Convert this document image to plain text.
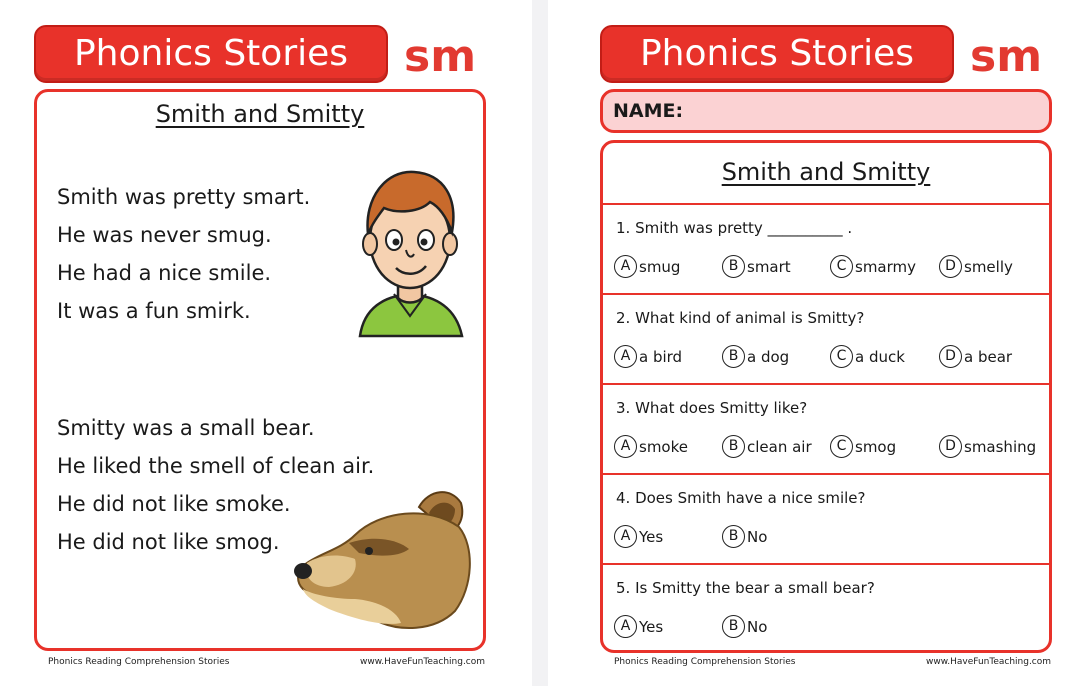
Phonics Stories	sm
Smith and Smitty
Smith was pretty smart.
He was never smug.
He had a nice smile.
It was a fun smirk.
Smitty was a small bear.
He liked the smell of clean air.
He did not like smoke.
He did not like smog.
Phonics Reading Comprehension Stories	www.HaveFunTeaching.com
Phonics Stories	sm
NAME:
Smith and Smitty
1. Smith was pretty __________ .
A smug	B smart	C smarmy	D smelly
2. What kind of animal is Smitty?
A a bird	B a dog	C a duck	D a bear
3. What does Smitty like?
A smoke	B clean air	C smog	D smashing
4. Does Smith have a nice smile?
A Yes	B No
5. Is Smitty the bear a small bear?
A Yes	B No
Phonics Reading Comprehension Stories	www.HaveFunTeaching.com
